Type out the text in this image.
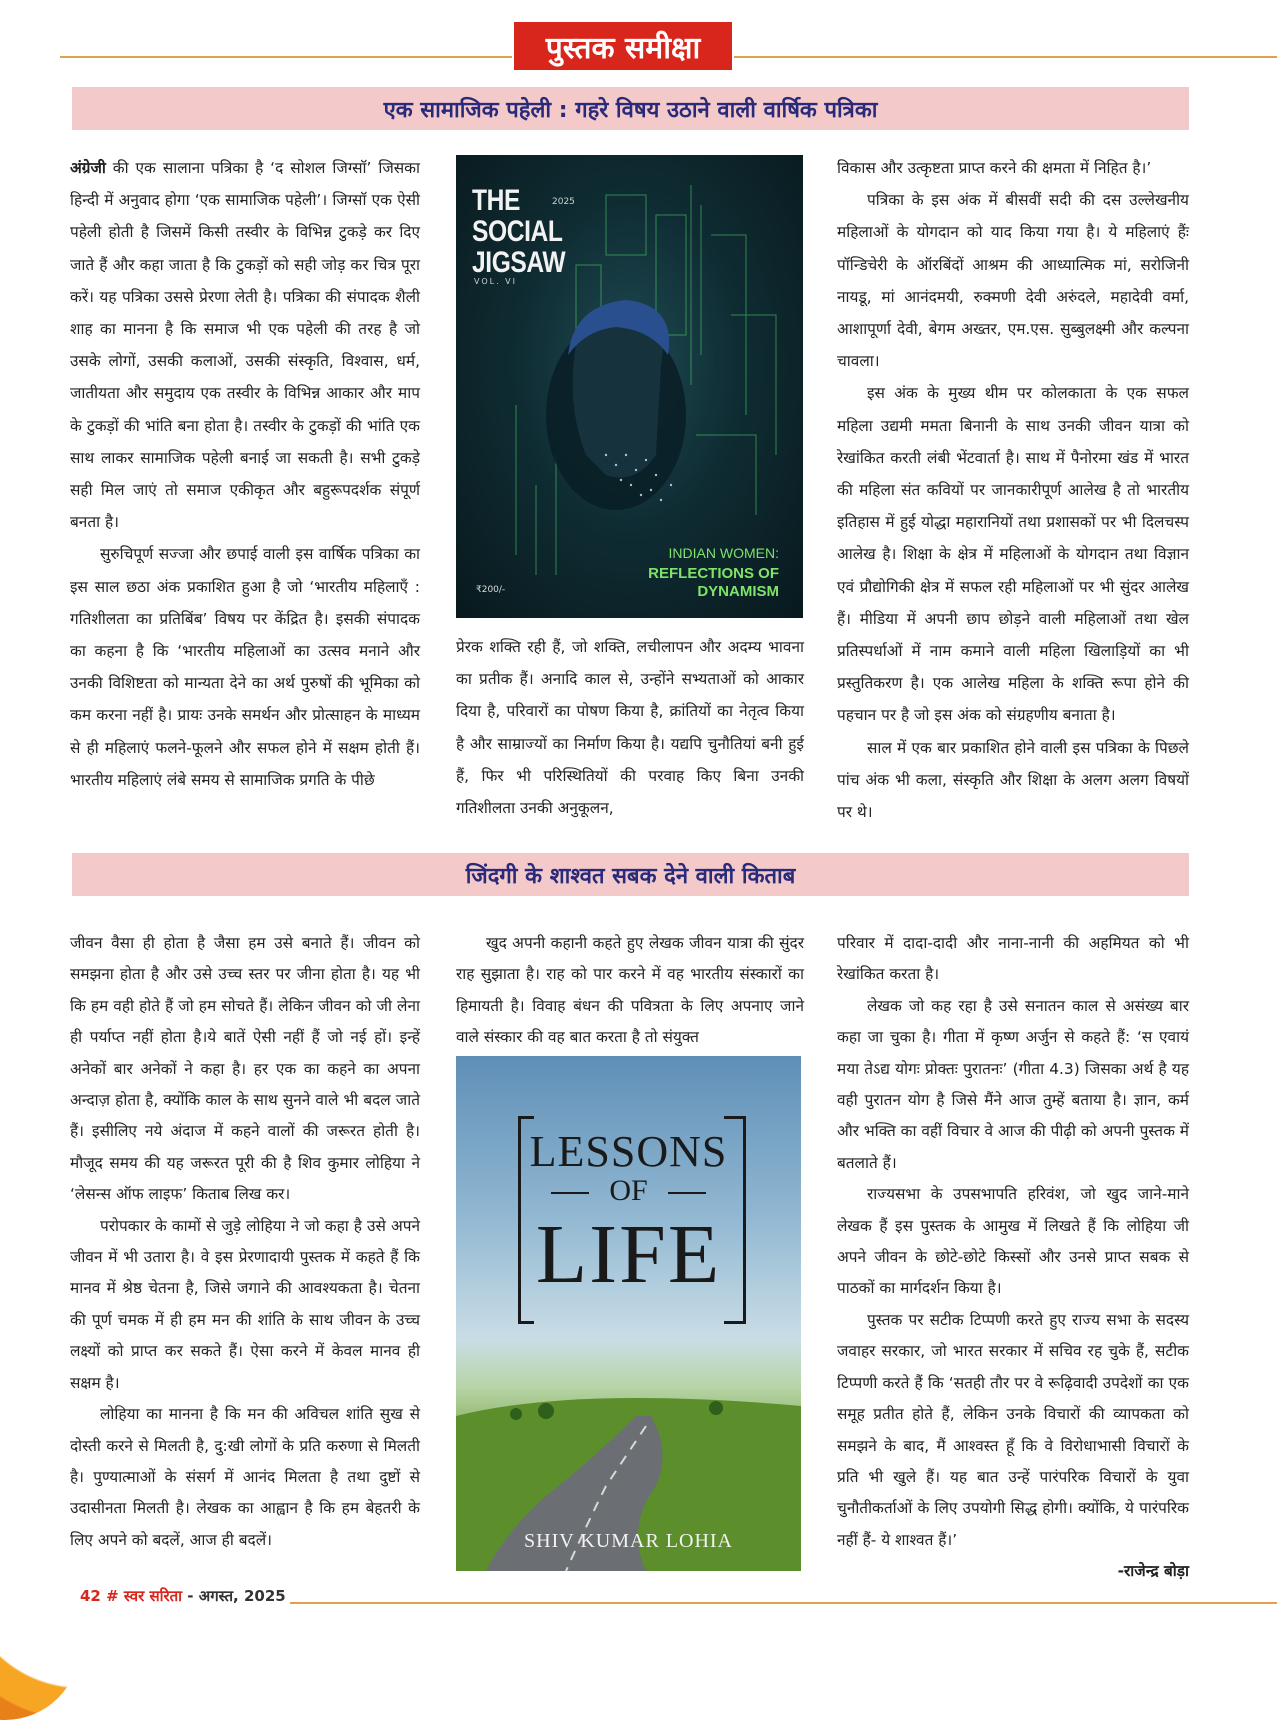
पुस्तक समीक्षा
एक सामाजिक पहेली : गहरे विषय उठाने वाली वार्षिक पत्रिका

अंग्रेजी की एक सालाना पत्रिका है ‘द सोशल जिग्सॉ’ जिसका हिन्दी में अनुवाद होगा ‘एक सामाजिक पहेली’। जिग्सॉ एक ऐसी पहेली होती है जिसमें किसी तस्वीर के विभिन्न टुकड़े कर दिए जाते हैं और कहा जाता है कि टुकड़ों को सही जोड़ कर चित्र पूरा करें। यह पत्रिका उससे प्रेरणा लेती है। पत्रिका की संपादक शैली शाह का मानना है कि समाज भी एक पहेली की तरह है जो उसके लोगों, उसकी कलाओं, उसकी संस्कृति, विश्वास, धर्म, जातीयता और समुदाय एक तस्वीर के विभिन्न आकार और माप के टुकड़ों की भांति बना होता है। तस्वीर के टुकड़ों की भांति एक साथ लाकर सामाजिक पहेली बनाई जा सकती है। सभी टुकड़े सही मिल जाएं तो समाज एकीकृत और बहुरूपदर्शक संपूर्ण बनता है।

सुरुचिपूर्ण सज्जा और छपाई वाली इस वार्षिक पत्रिका का इस साल छठा अंक प्रकाशित हुआ है जो ‘भारतीय महिलाएँ : गतिशीलता का प्रतिबिंब’ विषय पर केंद्रित है। इसकी संपादक का कहना है कि ‘भारतीय महिलाओं का उत्सव मनाने और उनकी विशिष्टता को मान्यता देने का अर्थ पुरुषों की भूमिका को कम करना नहीं है। प्रायः उनके समर्थन और प्रोत्साहन के माध्यम से ही महिलाएं फलने-फूलने और सफल होने में सक्षम होती हैं। भारतीय महिलाएं लंबे समय से सामाजिक प्रगति के पीछे

THE SOCIAL JIGSAW
2025
VOL. VI
INDIAN WOMEN:
REFLECTIONS OF DYNAMISM
₹200/-

प्रेरक शक्ति रही हैं, जो शक्ति, लचीलापन और अदम्य भावना का प्रतीक हैं। अनादि काल से, उन्होंने सभ्यताओं को आकार दिया है, परिवारों का पोषण किया है, क्रांतियों का नेतृत्व किया है और साम्राज्यों का निर्माण किया है। यद्यपि चुनौतियां बनी हुई हैं, फिर भी परिस्थितियों की परवाह किए बिना उनकी गतिशीलता उनकी अनुकूलन,

विकास और उत्कृष्टता प्राप्त करने की क्षमता में निहित है।’

पत्रिका के इस अंक में बीसवीं सदी की दस उल्लेखनीय महिलाओं के योगदान को याद किया गया है। ये महिलाएं हैंः पॉन्डिचेरी के ऑरबिंदों आश्रम की आध्यात्मिक मां, सरोजिनी नायडू, मां आनंदमयी, रुक्मणी देवी अरुंदले, महादेवी वर्मा, आशापूर्णा देवी, बेगम अख्तर, एम.एस. सुब्बुलक्ष्मी और कल्पना चावला।

इस अंक के मुख्य थीम पर कोलकाता के एक सफल महिला उद्यमी ममता बिनानी के साथ उनकी जीवन यात्रा को रेखांकित करती लंबी भेंटवार्ता है। साथ में पैनोरमा खंड में भारत की महिला संत कवियों पर जानकारीपूर्ण आलेख है तो भारतीय इतिहास में हुई योद्धा महारानियों तथा प्रशासकों पर भी दिलचस्प आलेख है। शिक्षा के क्षेत्र में महिलाओं के योगदान तथा विज्ञान एवं प्रौद्योगिकी क्षेत्र में सफल रही महिलाओं पर भी सुंदर आलेख हैं। मीडिया में अपनी छाप छोड़ने वाली महिलाओं तथा खेल प्रतिस्पर्धाओं में नाम कमाने वाली महिला खिलाड़ियों का भी प्रस्तुतिकरण है। एक आलेख महिला के शक्ति रूपा होने की पहचान पर है जो इस अंक को संग्रहणीय बनाता है।

साल में एक बार प्रकाशित होने वाली इस पत्रिका के पिछले पांच अंक भी कला, संस्कृति और शिक्षा के अलग अलग विषयों पर थे।

जिंदगी के शाश्वत सबक देने वाली किताब

जीवन वैसा ही होता है जैसा हम उसे बनाते हैं। जीवन को समझना होता है और उसे उच्च स्तर पर जीना होता है। यह भी कि हम वही होते हैं जो हम सोचते हैं। लेकिन जीवन को जी लेना ही पर्याप्त नहीं होता है।ये बातें ऐसी नहीं हैं जो नई हों। इन्हें अनेकों बार अनेकों ने कहा है। हर एक का कहने का अपना अन्दाज़ होता है, क्योंकि काल के साथ सुनने वाले भी बदल जाते हैं। इसीलिए नये अंदाज में कहने वालों की जरूरत होती है। मौजूद समय की यह जरूरत पूरी की है शिव कुमार लोहिया ने ‘लेसन्स ऑफ लाइफ’ किताब लिख कर।

परोपकार के कामों से जुड़े लोहिया ने जो कहा है उसे अपने जीवन में भी उतारा है। वे इस प्रेरणादायी पुस्तक में कहते हैं कि मानव में श्रेष्ठ चेतना है, जिसे जगाने की आवश्यकता है। चेतना की पूर्ण चमक में ही हम मन की शांति के साथ जीवन के उच्च लक्ष्यों को प्राप्त कर सकते हैं। ऐसा करने में केवल मानव ही सक्षम है।

लोहिया का मानना है कि मन की अविचल शांति सुख से दोस्ती करने से मिलती है, दु:खी लोगों के प्रति करुणा से मिलती है। पुण्यात्माओं के संसर्ग में आनंद मिलता है तथा दुष्टों से उदासीनता मिलती है। लेखक का आह्वान है कि हम बेहतरी के लिए अपने को बदलें, आज ही बदलें।

खुद अपनी कहानी कहते हुए लेखक जीवन यात्रा की सुंदर राह सुझाता है। राह को पार करने में वह भारतीय संस्कारों का हिमायती है। विवाह बंधन की पवित्रता के लिए अपनाए जाने वाले संस्कार की वह बात करता है तो संयुक्त

LESSONS
OF
LIFE
SHIV KUMAR LOHIA

परिवार में दादा-दादी और नाना-नानी की अहमियत को भी रेखांकित करता है।

लेखक जो कह रहा है उसे सनातन काल से असंख्य बार कहा जा चुका है। गीता में कृष्ण अर्जुन से कहते हैं: ‘स एवायं मया तेऽद्य योगः प्रोक्तः पुरातनः’ (गीता 4.3) जिसका अर्थ है यह वही पुरातन योग है जिसे मैंने आज तुम्हें बताया है। ज्ञान, कर्म और भक्ति का वहीं विचार वे आज की पीढ़ी को अपनी पुस्तक में बतलाते हैं।

राज्यसभा के उपसभापति हरिवंश, जो खुद जाने-माने लेखक हैं इस पुस्तक के आमुख में लिखते हैं कि लोहिया जी अपने जीवन के छोटे-छोटे किस्सों और उनसे प्राप्त सबक से पाठकों का मार्गदर्शन किया है।

पुस्तक पर सटीक टिप्पणी करते हुए राज्य सभा के सदस्य जवाहर सरकार, जो भारत सरकार में सचिव रह चुके हैं, सटीक टिप्पणी करते हैं कि ‘सतही तौर पर वे रूढ़िवादी उपदेशों का एक समूह प्रतीत होते हैं, लेकिन उनके विचारों की व्यापकता को समझने के बाद, मैं आश्वस्त हूँ कि वे विरोधाभासी विचारों के प्रति भी खुले हैं। यह बात उन्हें पारंपरिक विचारों के युवा चुनौतीकर्ताओं के लिए उपयोगी सिद्ध होगी। क्योंकि, ये पारंपरिक नहीं हैं- ये शाश्वत हैं।’

-राजेन्द्र बोड़ा

42 # स्वर सरिता - अगस्त, 2025
